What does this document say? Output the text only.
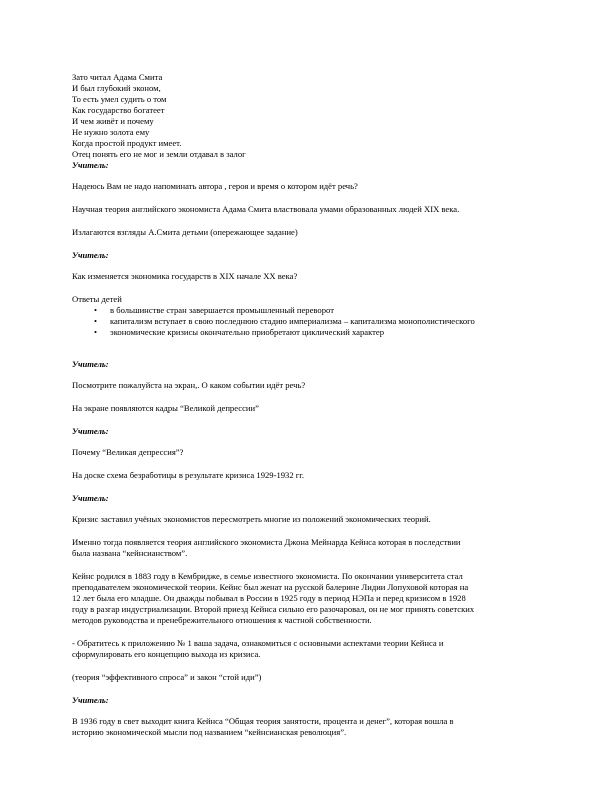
Зато читал Адама Смита

И был глубокий эконом,

То есть умел судить о том

Как государство богатеет

И чем живёт и почему

Не нужно золота ему

Когда простой продукт имеет.

Отец понять его не мог и земли отдавал в залог

Учитель:

Надеюсь Вам не надо напоминать автора , героя и время о котором идёт речь?

Научная теория английского экономиста Адама Смита властвовала умами образованных людей XIX века.

Излагаются взгляды А.Смита детьми (опережающее задание)

Учитель:

Как изменяется экономика государств в XIX начале XX века?

Ответы детей

• в большинстве стран завершается промышленный переворот
• капитализм вступает в свою последнюю стадию империализма – капитализма монополистического
• экономические кризисы окончательно приобретают циклический характер

Учитель:

Посмотрите пожалуйста на экран,. О каком событии идёт речь?

На экране появляются кадры “Великой депрессии”

Учитель:

Почему “Великая депрессия”?

На доске схема безработицы в результате кризиса 1929-1932 гг.

Учитель:

Кризис заставил учёных экономистов пересмотреть многие из положений экономических теорий.

Именно тогда появляется теория английского экономиста Джона Мейнарда Кейнса которая в последствии

была названа “кейнсианством”.

Кейнс родился в 1883 году в Кембридже, в семье известного экономиста. По окончании университета стал

преподавателем экономической теории. Кейнс был женат на русской балерине Лидии Лопуховой которая на

12 лет была его младше. Он дважды побывал в России в 1925 году в период НЭПа и перед кризисом в 1928

году в разгар индустриализации. Второй приезд Кейнса сильно его разочаровал, он не мог принять советских

методов руководства и пренебрежительного отношения к частной собственности.

- Обратитесь к приложению № 1 ваша задача, ознакомиться с основными аспектами теории Кейнса и

сформулировать его концепцию выхода из кризиса.

(теория “эффективного спроса” и закон “стой иди”)

Учитель:

В 1936 году в свет выходит книга Кейнса “Общая теория занятости, процента и денег”, которая вошла в

историю экономической мысли под названием “кейнсианская революция”.
